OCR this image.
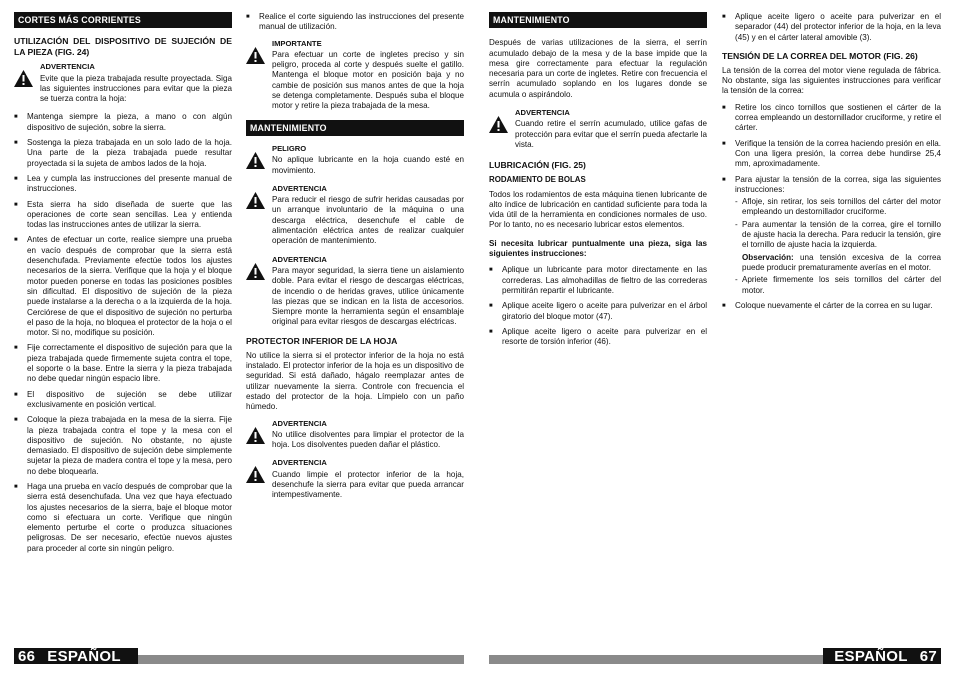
CORTES MÁS CORRIENTES
UTILIZACIÓN DEL DISPOSITIVO DE SUJECIÓN DE LA PIEZA (FIG. 24)
ADVERTENCIA
Evite que la pieza trabajada resulte proyectada. Siga las siguientes instrucciones para evitar que la pieza se tuerza contra la hoja:
■ Mantenga siempre la pieza, a mano o con algún dispositivo de sujeción, sobre la sierra.
■ Sostenga la pieza trabajada en un solo lado de la hoja. Una parte de la pieza trabajada puede resultar proyectada si la sujeta de ambos lados de la hoja.
■ Lea y cumpla las instrucciones del presente manual de instrucciones.
■ Esta sierra ha sido diseñada de suerte que las operaciones de corte sean sencillas. Lea y entienda todas las instrucciones antes de utilizar la sierra.
■ Antes de efectuar un corte, realice siempre una prueba en vacío después de comprobar que la sierra está desenchufada. Previamente efectúe todos los ajustes necesarios de la sierra. Verifique que la hoja y el bloque motor pueden ponerse en todas las posiciones posibles sin dificultad. El dispositivo de sujeción de la pieza puede instalarse a la derecha o a la izquierda de la hoja. Cerciórese de que el dispositivo de sujeción no perturba el paso de la hoja, no bloquea el protector de la hoja o el motor. Si no, modifique su posición.
■ Fije correctamente el dispositivo de sujeción para que la pieza trabajada quede firmemente sujeta contra el tope, el soporte o la base. Entre la sierra y la pieza trabajada no debe quedar ningún espacio libre.
■ El dispositivo de sujeción se debe utilizar exclusivamente en posición vertical.
■ Coloque la pieza trabajada en la mesa de la sierra. Fije la pieza trabajada contra el tope y la mesa con el dispositivo de sujeción. No obstante, no ajuste demasiado. El dispositivo de sujeción debe simplemente sujetar la pieza de madera contra el tope y la mesa, pero no debe bloquearla.
■ Haga una prueba en vacío después de comprobar que la sierra está desenchufada. Una vez que haya efectuado los ajustes necesarios de la sierra, baje el bloque motor como si efectuara un corte. Verifique que ningún elemento perturbe el corte o produzca situaciones peligrosas. De ser necesario, efectúe nuevos ajustes para proceder al corte sin ningún peligro.
■ Realice el corte siguiendo las instrucciones del presente manual de utilización.
IMPORTANTE
Para efectuar un corte de ingletes preciso y sin peligro, proceda al corte y después suelte el gatillo. Mantenga el bloque motor en posición baja y no cambie de posición sus manos antes de que la hoja se detenga completamente. Después suba el bloque motor y retire la pieza trabajada de la mesa.
MANTENIMIENTO
PELIGRO
No aplique lubricante en la hoja cuando esté en movimiento.
ADVERTENCIA
Para reducir el riesgo de sufrir heridas causadas por un arranque involuntario de la máquina o una descarga eléctrica, desenchufe el cable de alimentación eléctrica antes de realizar cualquier operación de mantenimiento.
ADVERTENCIA
Para mayor seguridad, la sierra tiene un aislamiento doble. Para evitar el riesgo de descargas eléctricas, de incendio o de heridas graves, utilice únicamente las piezas que se indican en la lista de accesorios. Siempre monte la herramienta según el ensamblaje original para evitar riesgos de descargas eléctricas.
PROTECTOR INFERIOR DE LA HOJA

No utilice la sierra si el protector inferior de la hoja no está instalado. El protector inferior de la hoja es un dispositivo de seguridad. Si está dañado, hágalo reemplazar antes de utilizar nuevamente la sierra. Controle con frecuencia el estado del protector de la hoja. Límpielo con un paño húmedo.

ADVERTENCIA
No utilice disolventes para limpiar el protector de la hoja. Los disolventes pueden dañar el plástico.
ADVERTENCIA
Cuando limpie el protector inferior de la hoja, desenchufe la sierra para evitar que pueda arrancar intempestivamente.
MANTENIMIENTO

Después de varias utilizaciones de la sierra, el serrín acumulado debajo de la mesa y de la base impide que la mesa gire correctamente para efectuar la regulación necesaria para un corte de ingletes. Retire con frecuencia el serrín acumulado soplando en los lugares donde se acumula o aspirándolo.

ADVERTENCIA
Cuando retire el serrín acumulado, utilice gafas de protección para evitar que el serrín pueda afectarle la vista.
LUBRICACIÓN (FIG. 25)
RODAMIENTO DE BOLAS

Todos los rodamientos de esta máquina tienen lubricante de alto índice de lubricación en cantidad suficiente para toda la vida útil de la herramienta en condiciones normales de uso. Por lo tanto, no es necesario lubricar estos elementos.

Si necesita lubricar puntualmente una pieza, siga las siguientes instrucciones:

■ Aplique un lubricante para motor directamente en las correderas. Las almohadillas de fieltro de las correderas permitirán repartir el lubricante.
■ Aplique aceite ligero o aceite para pulverizar en el árbol giratorio del bloque motor (47).
■ Aplique aceite ligero o aceite para pulverizar en el resorte de torsión inferior (46).
■ Aplique aceite ligero o aceite para pulverizar en el separador (44) del protector inferior de la hoja, en la leva (45) y en el cárter lateral amovible (3).
TENSIÓN DE LA CORREA DEL MOTOR (FIG. 26)

La tensión de la correa del motor viene regulada de fábrica. No obstante, siga las siguientes instrucciones para verificar la tensión de la correa:

■ Retire los cinco tornillos que sostienen el cárter de la correa empleando un destornillador cruciforme, y retire el cárter.
■ Verifique la tensión de la correa haciendo presión en ella. Con una ligera presión, la correa debe hundirse 25,4 mm, aproximadamente.
■ Para ajustar la tensión de la correa, siga las siguientes instrucciones:
- Afloje, sin retirar, los seis tornillos del cárter del motor empleando un destornillador cruciforme.
- Para aumentar la tensión de la correa, gire el tornillo de ajuste hacia la derecha. Para reducir la tensión, gire el tornillo de ajuste hacia la izquierda.
Observación: una tensión excesiva de la correa puede producir prematuramente averías en el motor.
- Apriete firmemente los seis tornillos del cárter del motor.
■ Coloque nuevamente el cárter de la correa en su lugar.
66 ESPAÑOL	ESPAÑOL 67
